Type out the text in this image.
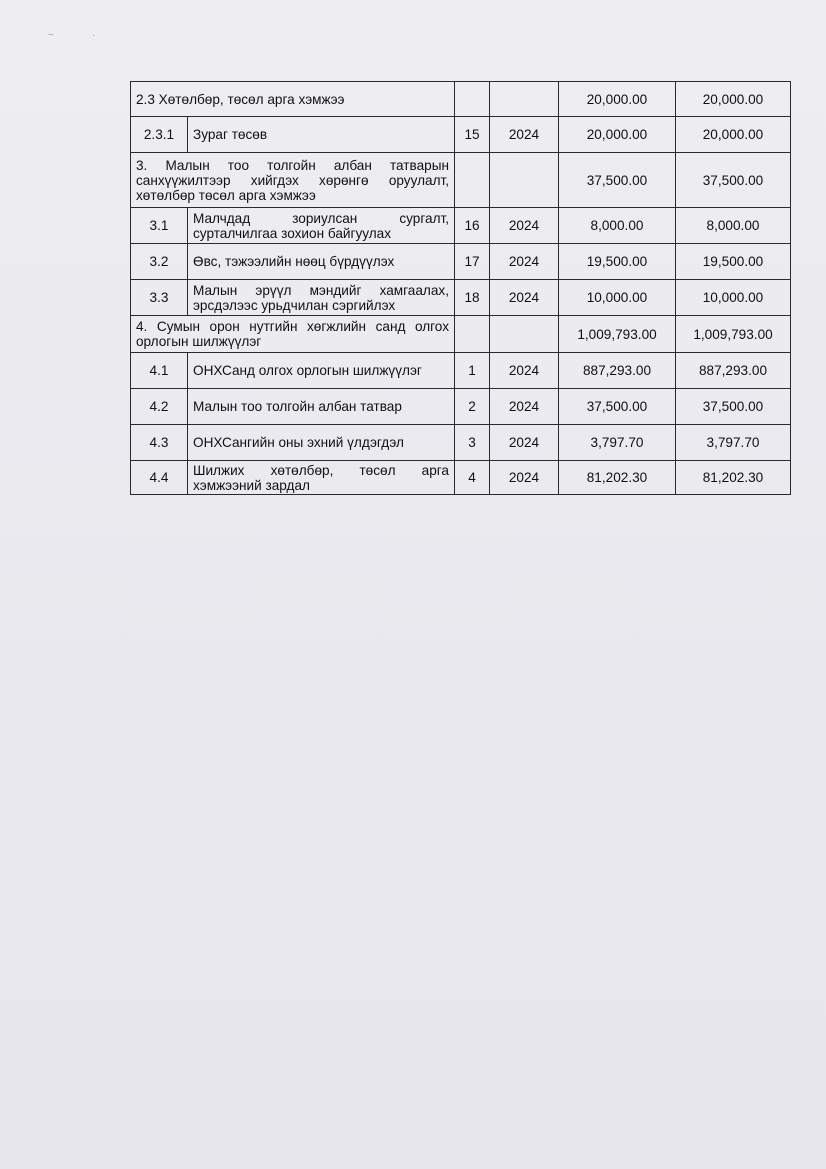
~	·
2.3 Хөтөлбөр, төсөл арга хэмжээ				20,000.00	20,000.00
2.3.1	Зураг төсөв	15	2024	20,000.00	20,000.00
3. Малын тоо толгойн албан татварын санхүүжилтээр хийгдэх хөрөнгө оруулалт, хөтөлбөр төсөл арга хэмжээ				37,500.00	37,500.00
3.1	Малчдад зориулсан сургалт, сурталчилгаа зохион байгуулах	16	2024	8,000.00	8,000.00
3.2	Өвс, тэжээлийн нөөц бүрдүүлэх	17	2024	19,500.00	19,500.00
3.3	Малын эрүүл мэндийг хамгаалах, эрсдэлээс урьдчилан сэргийлэх	18	2024	10,000.00	10,000.00
4. Сумын орон нутгийн хөгжлийн санд олгох орлогын шилжүүлэг				1,009,793.00	1,009,793.00
4.1	ОНХСанд олгох орлогын шилжүүлэг	1	2024	887,293.00	887,293.00
4.2	Малын тоо толгойн албан татвар	2	2024	37,500.00	37,500.00
4.3	ОНХСангийн оны эхний үлдэгдэл	3	2024	3,797.70	3,797.70
4.4	Шилжих хөтөлбөр, төсөл арга хэмжээний зардал	4	2024	81,202.30	81,202.30
